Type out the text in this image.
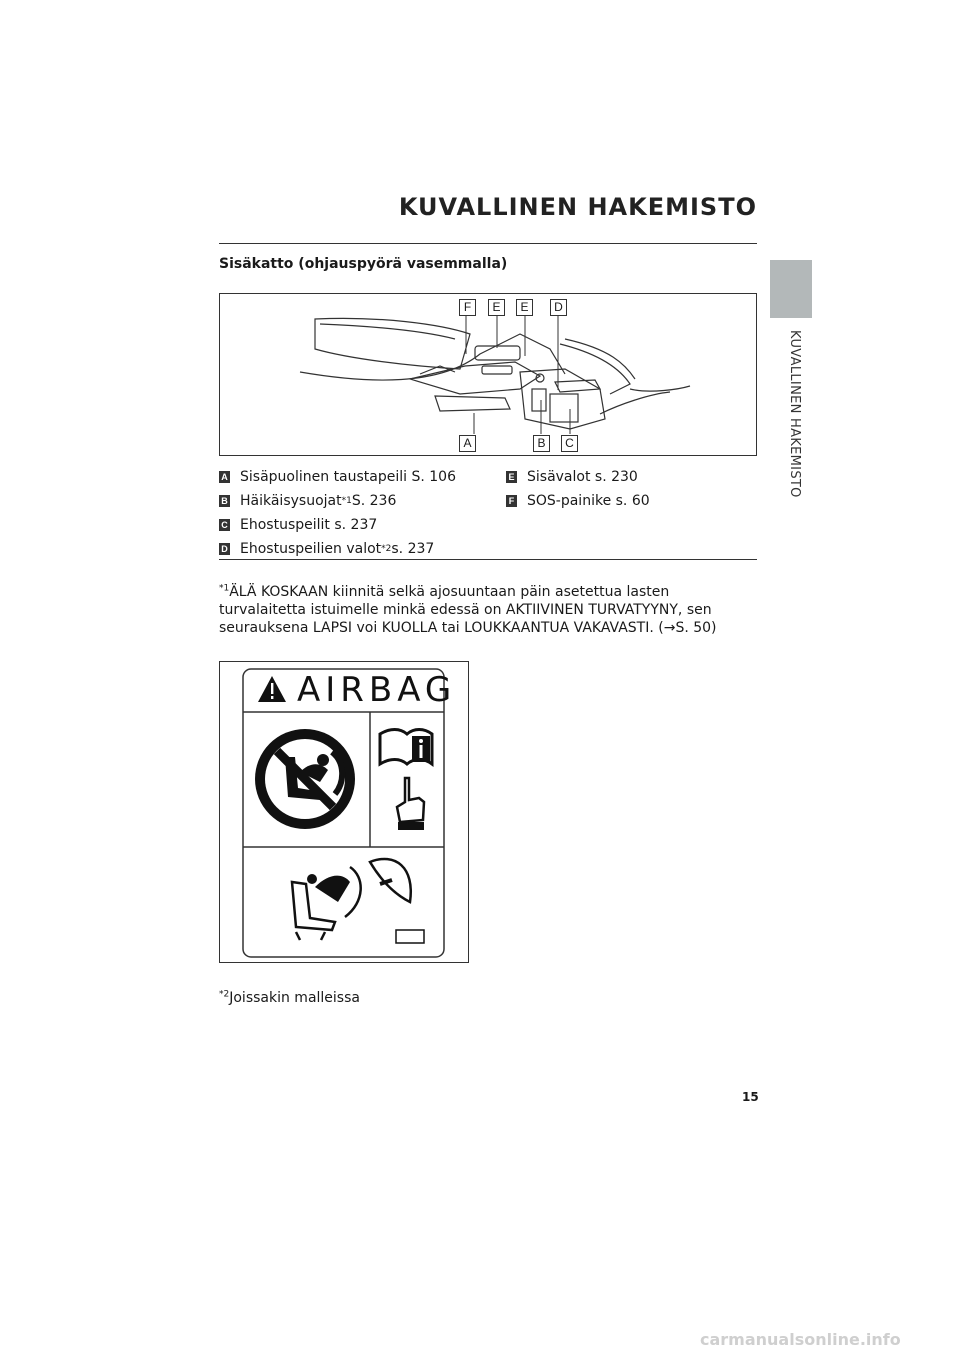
KUVALLINEN HAKEMISTO
KUVALLINEN HAKEMISTO
Sisäkatto (ohjauspyörä vasemmalla)
F	E	E	D
A	B	C
A Sisäpuolinen taustapeili S. 106
B Häikäisysuojat *1 S. 236
C Ehostuspeilit s. 237
D Ehostuspeilien valot *2 s. 237
E Sisävalot s. 230
F SOS-painike s. 60
$^{*1}$ÄLÄ KOSKAAN kiinnitä selkä ajosuuntaan päin asetettua lasten turvalaitetta istuimelle minkä edessä on AKTIIVINEN TURVATYYNY, sen seurauksena LAPSI voi KUOLLA tai LOUKKAANTUA VAKAVASTI. (→S. 50)
AIRBAG
$^{*2}$Joissakin malleissa
15
carmanualsonline.info
